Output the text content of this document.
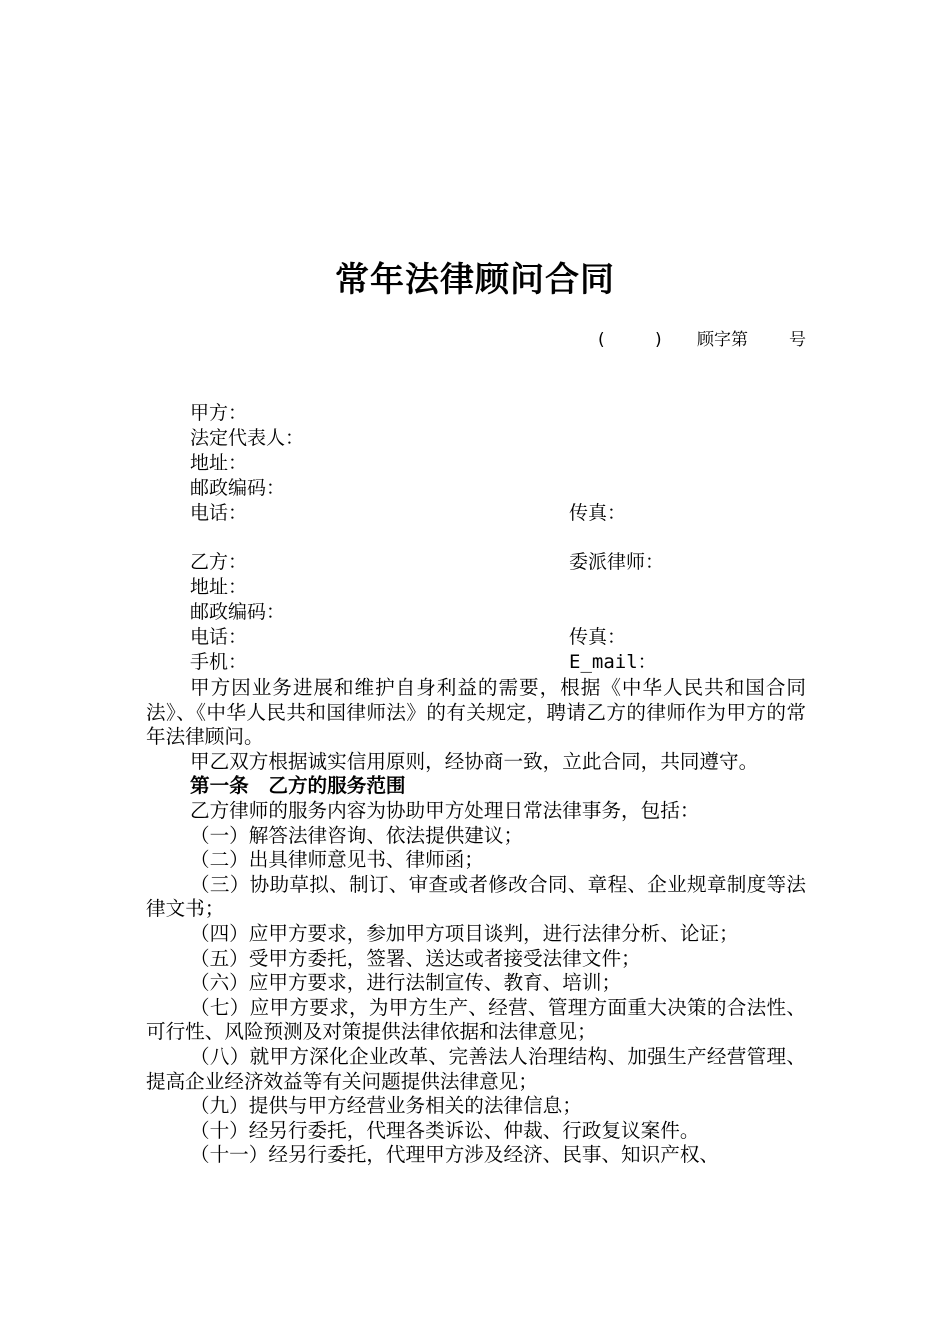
常年法律顾问合同
(	) 顾字第 号
甲方：
法定代表人：
地址：
邮政编码：
电话：	传真：
乙方：	委派律师：
地址：
邮政编码：
电话：	传真：
手机：	E_mail：

甲方因业务进展和维护自身利益的需要，根据《中华人民共和国合同法》、《中华人民共和国律师法》的有关规定，聘请乙方的律师作为甲方的常年法律顾问。

甲乙双方根据诚实信用原则，经协商一致，立此合同，共同遵守。

第一条　乙方的服务范围

乙方律师的服务内容为协助甲方处理日常法律事务，包括：

（一）解答法律咨询、依法提供建议；

（二）出具律师意见书、律师函；

（三）协助草拟、制订、审查或者修改合同、章程、企业规章制度等法律文书；

（四）应甲方要求，参加甲方项目谈判，进行法律分析、论证；

（五）受甲方委托，签署、送达或者接受法律文件；

（六）应甲方要求，进行法制宣传、教育、培训；

（七）应甲方要求，为甲方生产、经营、管理方面重大决策的合法性、可行性、风险预测及对策提供法律依据和法律意见；

（八）就甲方深化企业改革、完善法人治理结构、加强生产经营管理、提高企业经济效益等有关问题提供法律意见；

（九）提供与甲方经营业务相关的法律信息；

（十）经另行委托，代理各类诉讼、仲裁、行政复议案件。

（十一）经另行委托，代理甲方涉及经济、民事、知识产权、
